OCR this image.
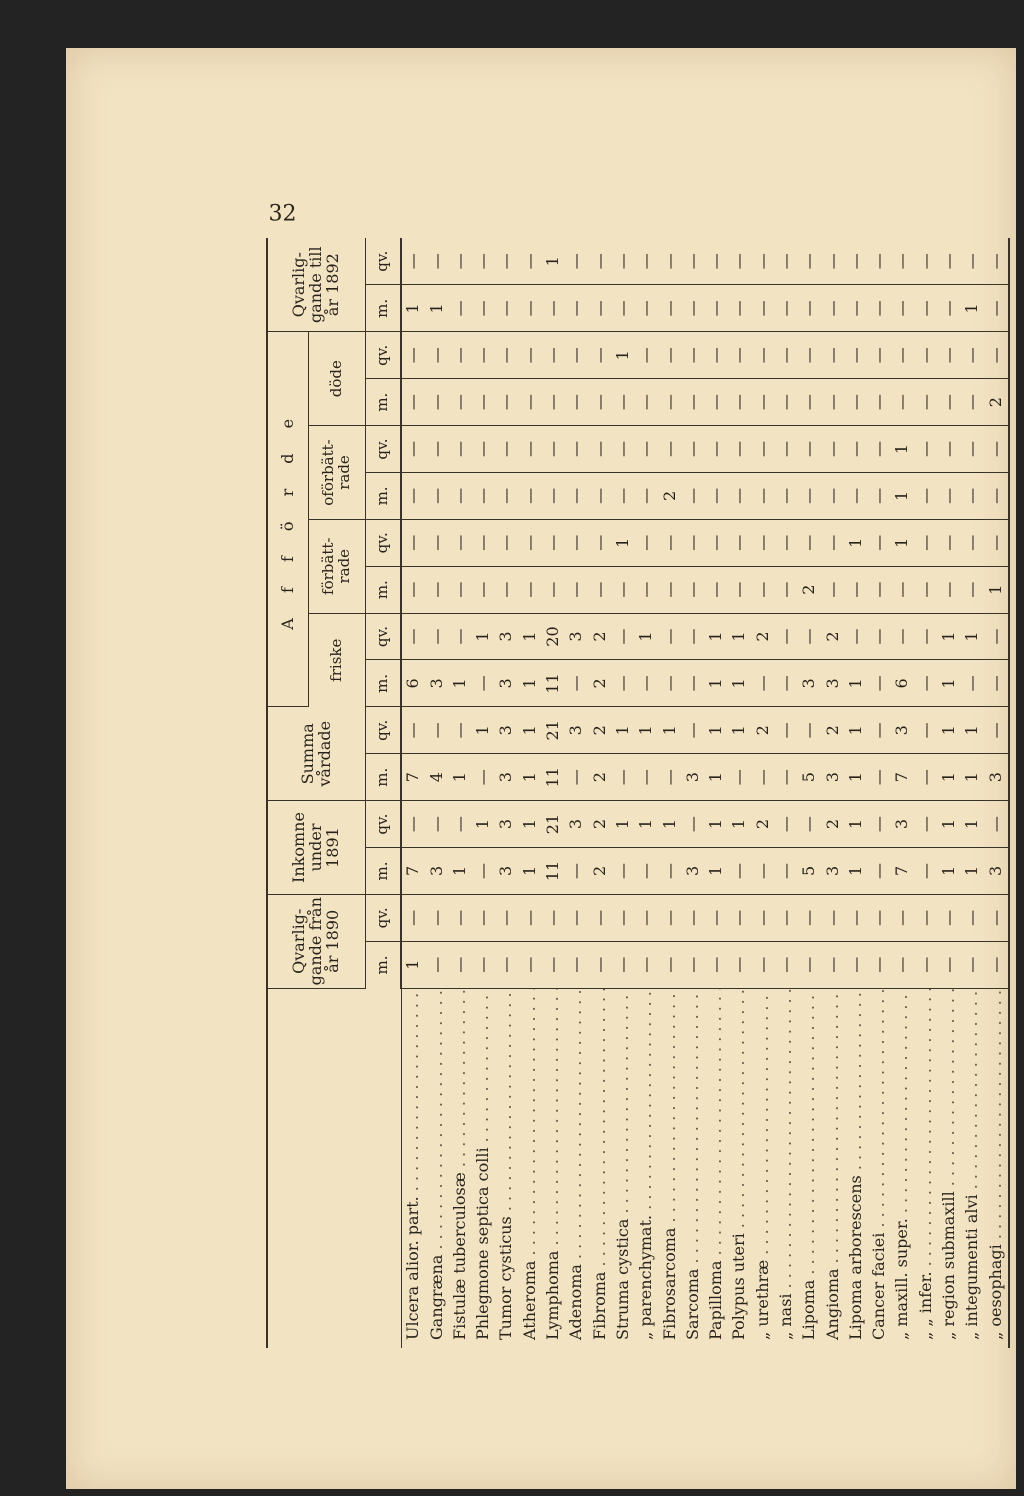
32
	Qvarlig- gande från år 1890		Inkomne under 1891		Summa vårdade		A f f ö r d e								Qvarlig- gande till år 1892	
							friske		förbätt- rade		oförbätt- rade		döde			
	m.	qv.	m.	qv.	m.	qv.	m.	qv.	m.	qv.	m.	qv.	m.	qv.	m.	qv.
Ulcera alior. part. . . .	1	—	7	—	7	—	6	—	—	—	—	—	—	—	1	—
Gangræna . . .	—	—	3	—	4	—	3	—	—	—	—	—	—	—	1	—
Fistulæ tuberculosæ . . .	—	—	1	—	1	—	1	—	—	—	—	—	—	—	—	—
Phlegmone septica colli . . .	—	—	—	1	—	1	—	1	—	—	—	—	—	—	—	—
Tumor cysticus . . .	—	—	3	3	3	3	3	3	—	—	—	—	—	—	—	—
Atheroma . . .	—	—	1	1	1	1	1	1	—	—	—	—	—	—	—	—
Lymphoma . . .	—	—	11	21	11	21	11	20	—	—	—	—	—	—	—	1
Adenoma . . .	—	—	—	3	—	3	—	3	—	—	—	—	—	—	—	—
Fibroma . . .	—	—	2	2	2	2	2	2	—	—	—	—	—	—	—	—
Struma cystica . . .	—	—	—	1	—	1	—	—	—	1	—	—	—	1	—	—
„ parenchymat. . . .	—	—	—	1	—	1	—	1	—	—	—	—	—	—	—	—
Fibrosarcoma . . .	—	—	—	1	—	1	—	—	—	—	2	—	—	—	—	—
Sarcoma . . .	—	—	3	—	3	—	—	—	—	—	—	—	—	—	—	—
Papilloma . . .	—	—	1	1	1	1	1	1	—	—	—	—	—	—	—	—
Polypus uteri . . .	—	—	—	1	—	1	1	1	—	—	—	—	—	—	—	—
„ urethræ . . .	—	—	—	2	—	2	—	2	—	—	—	—	—	—	—	—
„ nasi . . .	—	—	—	—	—	—	—	—	—	—	—	—	—	—	—	—
Lipoma . . .	—	—	5	—	5	—	3	—	2	—	—	—	—	—	—	—
Angioma . . .	—	—	3	2	3	2	3	2	—	—	—	—	—	—	—	—
Lipoma arborescens . . .	—	—	1	1	1	1	1	—	—	1	—	—	—	—	—	—
Cancer faciei . . .	—	—	—	—	—	—	—	—	—	—	—	—	—	—	—	—
„ maxill. super. . . .	—	—	7	3	7	3	6	—	—	1	1	1	—	—	—	—
„ „ infer. . . .	—	—	—	—	—	—	—	—	—	—	—	—	—	—	—	—
„ region submaxill . . .	—	—	1	1	1	1	1	1	—	—	—	—	—	—	—	—
„ integumenti alvi . . .	—	—	1	1	1	1	—	1	—	—	—	—	—	—	1	—
„ oesophagi . . .	—	—	3	—	3	—	—	—	1	—	—	—	2	—	—	—
